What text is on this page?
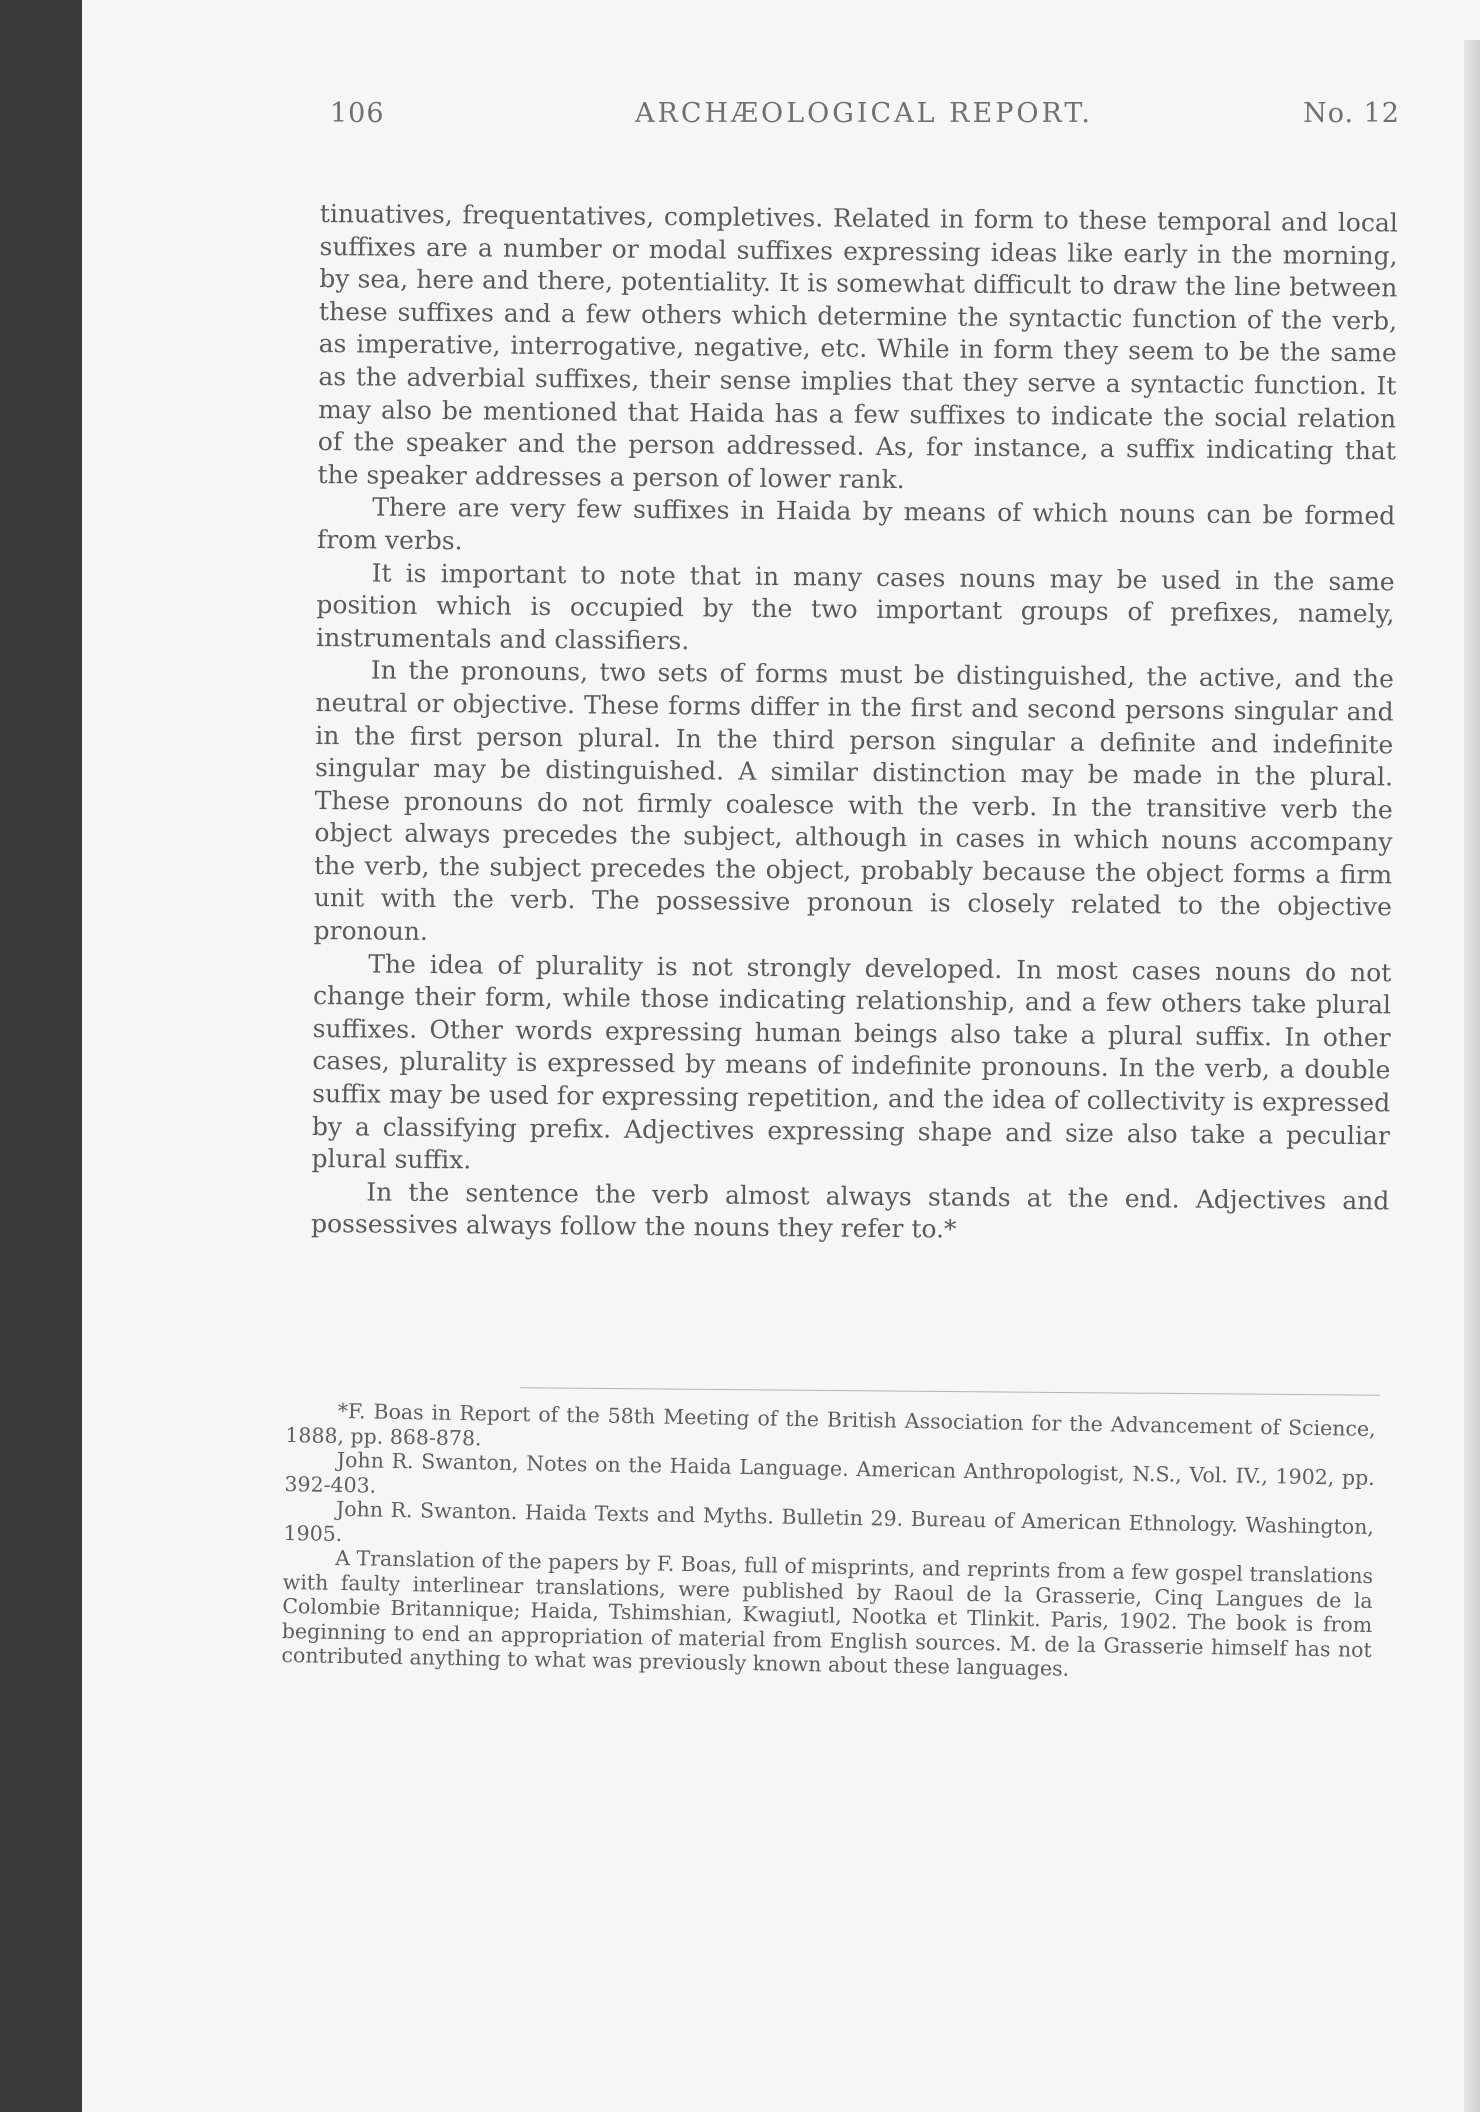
106	ARCHÆOLOGICAL REPORT.	No. 12

tinuatives, frequentatives, completives. Related in form to these temporal and local suffixes are a number or modal suffixes expressing ideas like early in the morning, by sea, here and there, potentiality. It is somewhat difficult to draw the line between these suffixes and a few others which determine the syntactic function of the verb, as imperative, interrogative, negative, etc. While in form they seem to be the same as the adverbial suffixes, their sense implies that they serve a syntactic function. It may also be mentioned that Haida has a few suffixes to indicate the social relation of the speaker and the person addressed. As, for instance, a suffix indicating that the speaker addresses a person of lower rank.

There are very few suffixes in Haida by means of which nouns can be formed from verbs.

It is important to note that in many cases nouns may be used in the same position which is occupied by the two important groups of prefixes, namely, instrumentals and classifiers.

In the pronouns, two sets of forms must be distinguished, the active, and the neutral or objective. These forms differ in the first and second persons singular and in the first person plural. In the third person singular a definite and indefinite singular may be distinguished. A similar distinction may be made in the plural. These pronouns do not firmly coalesce with the verb. In the transitive verb the object always precedes the subject, although in cases in which nouns accompany the verb, the subject precedes the object, probably because the object forms a firm unit with the verb. The possessive pronoun is closely related to the objective pronoun.

The idea of plurality is not strongly developed. In most cases nouns do not change their form, while those indicating relationship, and a few others take plural suffixes. Other words expressing human beings also take a plural suffix. In other cases, plurality is expressed by means of indefinite pronouns. In the verb, a double suffix may be used for expressing repetition, and the idea of collectivity is expressed by a classifying prefix. Adjectives expressing shape and size also take a peculiar plural suffix.

In the sentence the verb almost always stands at the end. Adjectives and possessives always follow the nouns they refer to.*

*F. Boas in Report of the 58th Meeting of the British Association for the Advancement of Science, 1888, pp. 868-878.

John R. Swanton, Notes on the Haida Language. American Anthropologist, N.S., Vol. IV., 1902, pp. 392-403.

John R. Swanton. Haida Texts and Myths. Bulletin 29. Bureau of American Ethnology. Washington, 1905.

A Translation of the papers by F. Boas, full of misprints, and reprints from a few gospel translations with faulty interlinear translations, were published by Raoul de la Grasserie, Cinq Langues de la Colombie Britannique; Haida, Tshimshian, Kwagiutl, Nootka et Tlinkit. Paris, 1902. The book is from beginning to end an appropriation of material from English sources. M. de la Grasserie himself has not contributed anything to what was previously known about these languages.
